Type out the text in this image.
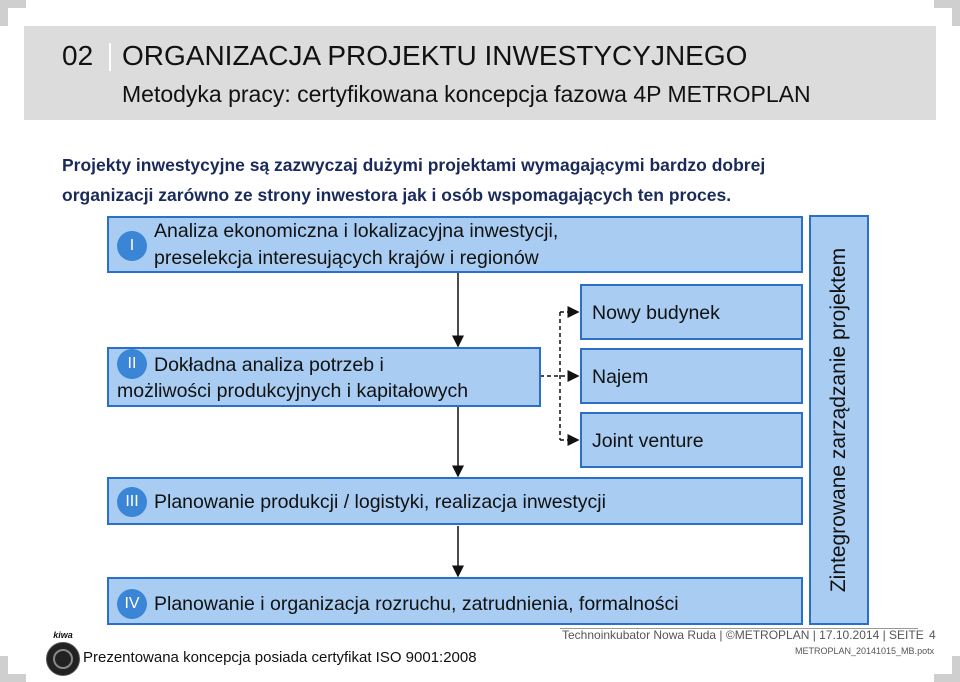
02 ORGANIZACJA PROJEKTU INWESTYCYJNEGO
Metodyka pracy: certyfikowana koncepcja fazowa 4P METROPLAN
Projekty inwestycyjne są zazwyczaj dużymi projektami wymagającymi bardzo dobrej
organizacji zarówno ze strony inwestora jak i osób wspomagających ten proces.
I
Analiza ekonomiczna i lokalizacyjna inwestycji,
preselekcja interesujących krajów i regionów
II Dokładna analiza potrzeb i
możliwości produkcyjnych i kapitałowych
III Planowanie produkcji / logistyki, realizacja inwestycji
IV Planowanie i organizacja rozruchu, zatrudnienia, formalności
Nowy budynek
Najem
Joint venture	Zintegrowane zarządzanie projektem
Technoinkubator Nowa Ruda | ©METROPLAN | 17.10.2014 | SEITE 4
METROPLAN_20141015_MB.potx
kiwa
Prezentowana koncepcja posiada certyfikat ISO 9001:2008
